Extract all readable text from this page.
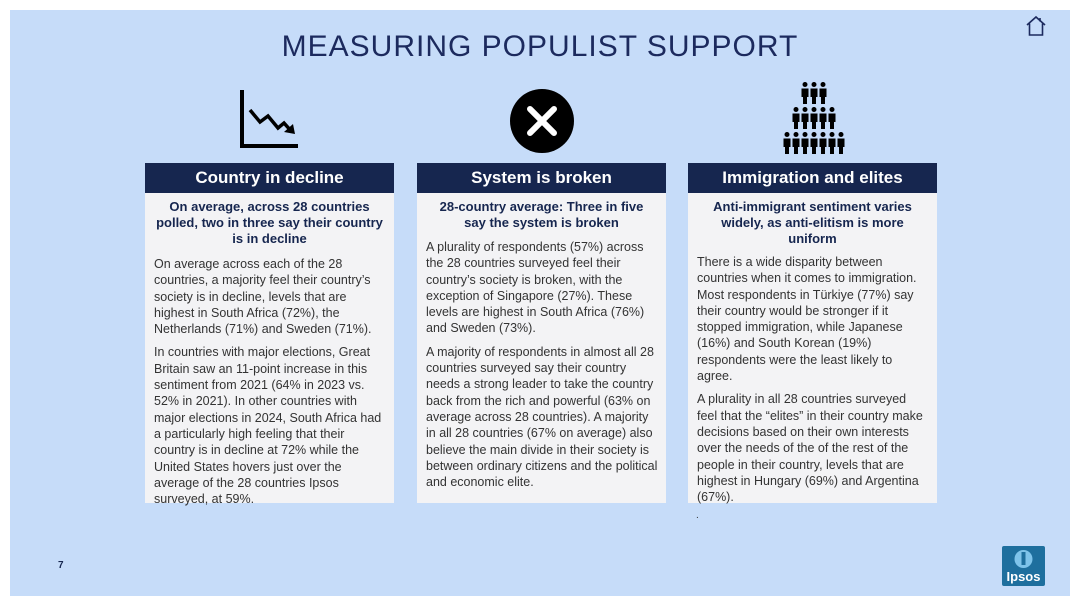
MEASURING POPULIST SUPPORT
Country in decline
On average, across 28 countries polled, two in three say their country is in decline

On average across each of the 28 countries, a majority feel their country’s society is in decline, levels that are highest in South Africa (72%), the Netherlands (71%) and Sweden (71%).

In countries with major elections, Great Britain saw an 11-point increase in this sentiment from 2021 (64% in 2023 vs. 52% in 2021). In other countries with major elections in 2024, South Africa had a particularly high feeling that their country is in decline at 72% while the United States hovers just over the average of the 28 countries Ipsos surveyed, at 59%.

System is broken
28-country average: Three in five say the system is broken

A plurality of respondents (57%) across the 28 countries surveyed feel their country’s society is broken, with the exception of Singapore (27%). These levels are highest in South Africa (76%) and Sweden (73%).

A majority of respondents in almost all 28 countries surveyed say their country needs a strong leader to take the country back from the rich and powerful (63% on average across 28 countries). A majority in all 28 countries (67% on average) also believe the main divide in their society is between ordinary citizens and the political and economic elite.

Immigration and elites
Anti-immigrant sentiment varies widely, as anti-elitism is more uniform

There is a wide disparity between countries when it comes to immigration. Most respondents in Türkiye (77%) say their country would be stronger if it stopped immigration, while Japanese (16%) and South Korean (19%) respondents were the least likely to agree.

A plurality in all 28 countries surveyed feel that the “elites” in their country make decisions based on their own interests over the needs of the of the rest of the people in their country, levels that are highest in Hungary (69%) and Argentina (67%).

.
7
Ipsos
